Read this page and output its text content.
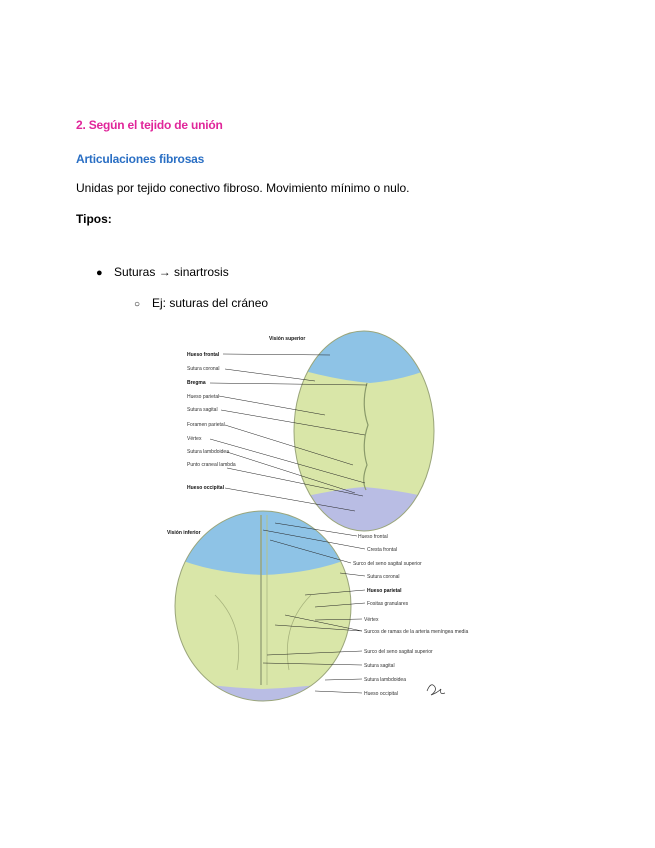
2. Según el tejido de unión
Articulaciones fibrosas
Unidas por tejido conectivo fibroso. Movimiento mínimo o nulo.
Tipos:
● Suturas → sinartrosis
○ Ej: suturas del cráneo
Visión superior
Hueso frontal
Sutura coronal
Bregma
Hueso parietal
Sutura sagital
Foramen parietal
Vértex
Sutura lambdoidea
Punto craneal lambda
Hueso occipital
Visión inferior
Hueso frontal
Cresta frontal
Surco del seno sagital superior
Sutura coronal
Hueso parietal
Fositas granulares
Vértex
Surcos de ramas de la arteria meníngea media
Surco del seno sagital superior
Sutura sagital
Sutura lambdoidea
Hueso occipital
